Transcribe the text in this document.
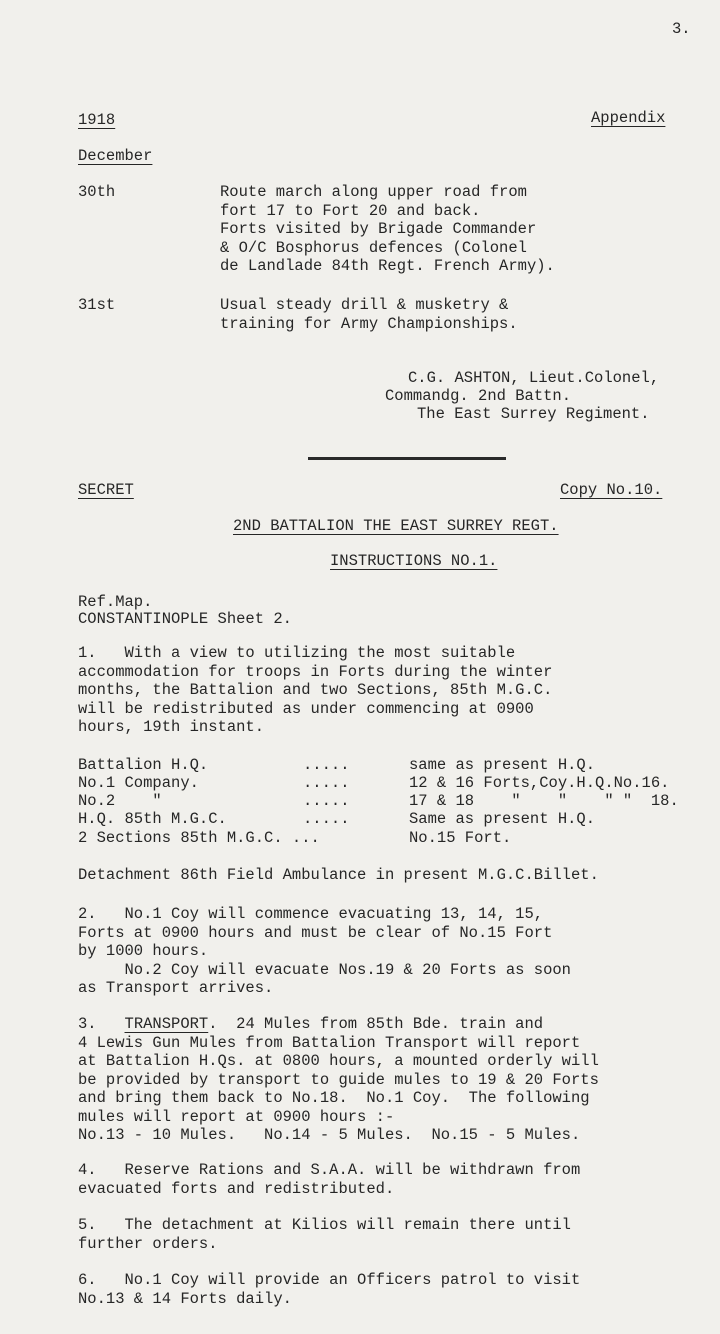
3.
1918	Appendix
December
30th	Route march along upper road from
fort 17 to Fort 20 and back.
Forts visited by Brigade Commander
& O/C Bosphorus defences (Colonel
de Landlade 84th Regt. French Army).
31st	Usual steady drill & musketry &
training for Army Championships.
C.G. ASHTON, Lieut.Colonel,
Commandg. 2nd Battn.
The East Surrey Regiment.
SECRET	Copy No.10.
2ND BATTALION THE EAST SURREY REGT.
INSTRUCTIONS NO.1.
Ref.Map.
CONSTANTINOPLE Sheet 2.
1.   With a view to utilizing the most suitable
accommodation for troops in Forts during the winter
months, the Battalion and two Sections, 85th M.G.C.
will be redistributed as under commencing at 0900
hours, 19th instant.
Battalion H.Q.	.....	same as present H.Q.
No.1 Company.	.....	12 & 16 Forts,Coy.H.Q.No.16.
No.2    "	.....	17 & 18    "    "    " "  18.
H.Q. 85th M.G.C.	.....	Same as present H.Q.
2 Sections 85th M.G.C. ...	No.15 Fort.
Detachment 86th Field Ambulance in present M.G.C.Billet.
2.   No.1 Coy will commence evacuating 13, 14, 15,
Forts at 0900 hours and must be clear of No.15 Fort
by 1000 hours.
No.2 Coy will evacuate Nos.19 & 20 Forts as soon
as Transport arrives.
3.   TRANSPORT.  24 Mules from 85th Bde. train and
4 Lewis Gun Mules from Battalion Transport will report
at Battalion H.Qs. at 0800 hours, a mounted orderly will
be provided by transport to guide mules to 19 & 20 Forts
and bring them back to No.18.  No.1 Coy.  The following
mules will report at 0900 hours :-
No.13 - 10 Mules.   No.14 - 5 Mules.  No.15 - 5 Mules.
4.   Reserve Rations and S.A.A. will be withdrawn from
evacuated forts and redistributed.
5.   The detachment at Kilios will remain there until
further orders.
6.   No.1 Coy will provide an Officers patrol to visit
No.13 & 14 Forts daily.
